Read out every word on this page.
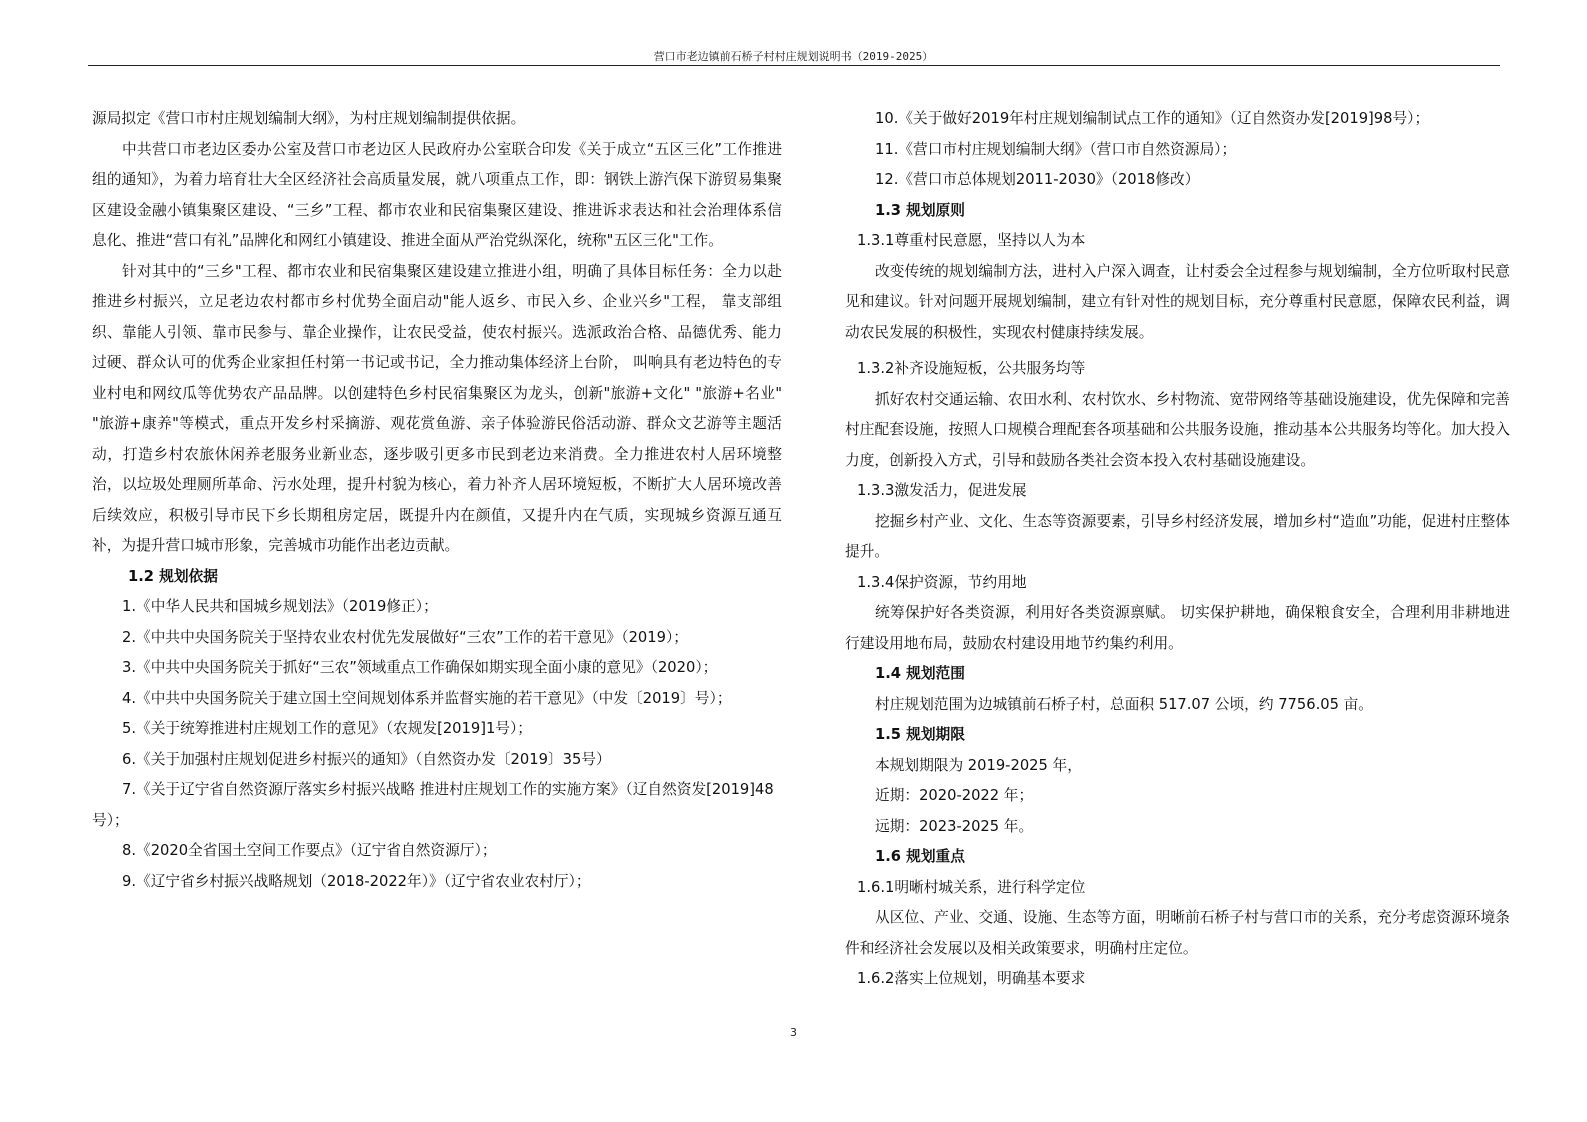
营口市老边镇前石桥子村村庄规划说明书（2019-2025）

源局拟定《营口市村庄规划编制大纲》，为村庄规划编制提供依据。

中共营口市老边区委办公室及营口市老边区人民政府办公室联合印发《关于成立“五区三化”工作推进组的通知》，为着力培育壮大全区经济社会高质量发展，就八项重点工作，即：钢铁上游汽保下游贸易集聚区建设金融小镇集聚区建设、“三乡”工程、都市农业和民宿集聚区建设、推进诉求表达和社会治理体系信息化、推进“营口有礼”品牌化和网红小镇建设、推进全面从严治党纵深化，统称"五区三化"工作。

针对其中的“三乡"工程、都市农业和民宿集聚区建设建立推进小组，明确了具体目标任务：全力以赴推进乡村振兴，立足老边农村都市乡村优势全面启动"能人返乡、市民入乡、企业兴乡"工程， 靠支部组织、靠能人引领、靠市民参与、靠企业操作，让农民受益，使农村振兴。选派政治合格、品德优秀、能力过硬、群众认可的优秀企业家担任村第一书记或书记，全力推动集体经济上台阶， 叫响具有老边特色的专业村电和网纹瓜等优势农产品品牌。以创建特色乡村民宿集聚区为龙头，创新"旅游+文化" "旅游+名业" "旅游+康养"等模式，重点开发乡村采摘游、观花赏鱼游、亲子体验游民俗活动游、群众文艺游等主题活动，打造乡村农旅休闲养老服务业新业态，逐步吸引更多市民到老边来消费。全力推进农村人居环境整治，以垃圾处理厕所革命、污水处理，提升村貌为核心，着力补齐人居环境短板，不断扩大人居环境改善后续效应，积极引导市民下乡长期租房定居，既提升内在颜值，又提升内在气质，实现城乡资源互通互补，为提升营口城市形象，完善城市功能作出老边贡献。

1.2 规划依据

1.《中华人民共和国城乡规划法》（2019修正）；

2.《中共中央国务院关于坚持农业农村优先发展做好“三农”工作的若干意见》（2019）；

3.《中共中央国务院关于抓好“三农”领域重点工作确保如期实现全面小康的意见》（2020）；

4.《中共中央国务院关于建立国土空间规划体系并监督实施的若干意见》（中发〔2019〕号）；

5.《关于统筹推进村庄规划工作的意见》（农规发[2019]1号）；

6.《关于加强村庄规划促进乡村振兴的通知》（自然资办发〔2019〕35号）

7.《关于辽宁省自然资源厅落实乡村振兴战略 推进村庄规划工作的实施方案》（辽自然资发[2019]48号）；

8.《2020全省国土空间工作要点》（辽宁省自然资源厅）；

9.《辽宁省乡村振兴战略规划（2018-2022年）》（辽宁省农业农村厅）；

10.《关于做好2019年村庄规划编制试点工作的通知》（辽自然资办发[2019]98号）；

11.《营口市村庄规划编制大纲》（营口市自然资源局）；

12.《营口市总体规划2011-2030》（2018修改）

1.3 规划原则

1.3.1尊重村民意愿，坚持以人为本

改变传统的规划编制方法，进村入户深入调查，让村委会全过程参与规划编制，全方位听取村民意见和建议。针对问题开展规划编制，建立有针对性的规划目标，充分尊重村民意愿，保障农民利益，调动农民发展的积极性，实现农村健康持续发展。

1.3.2补齐设施短板，公共服务均等

抓好农村交通运输、农田水利、农村饮水、乡村物流、宽带网络等基础设施建设，优先保障和完善村庄配套设施，按照人口规模合理配套各项基础和公共服务设施，推动基本公共服务均等化。加大投入力度，创新投入方式，引导和鼓励各类社会资本投入农村基础设施建设。

1.3.3激发活力，促进发展

挖掘乡村产业、文化、生态等资源要素，引导乡村经济发展，增加乡村“造血”功能，促进村庄整体提升。

1.3.4保护资源，节约用地

统筹保护好各类资源，利用好各类资源禀赋。 切实保护耕地，确保粮食安全，合理利用非耕地进行建设用地布局，鼓励农村建设用地节约集约利用。

1.4 规划范围

村庄规划范围为边城镇前石桥子村，总面积 517.07 公顷，约 7756.05 亩。

1.5 规划期限

本规划期限为 2019-2025 年，

近期：2020-2022 年；

远期：2023-2025 年。

1.6 规划重点

1.6.1明晰村城关系，进行科学定位

从区位、产业、交通、设施、生态等方面，明晰前石桥子村与营口市的关系，充分考虑资源环境条件和经济社会发展以及相关政策要求，明确村庄定位。

1.6.2落实上位规划，明确基本要求

3
